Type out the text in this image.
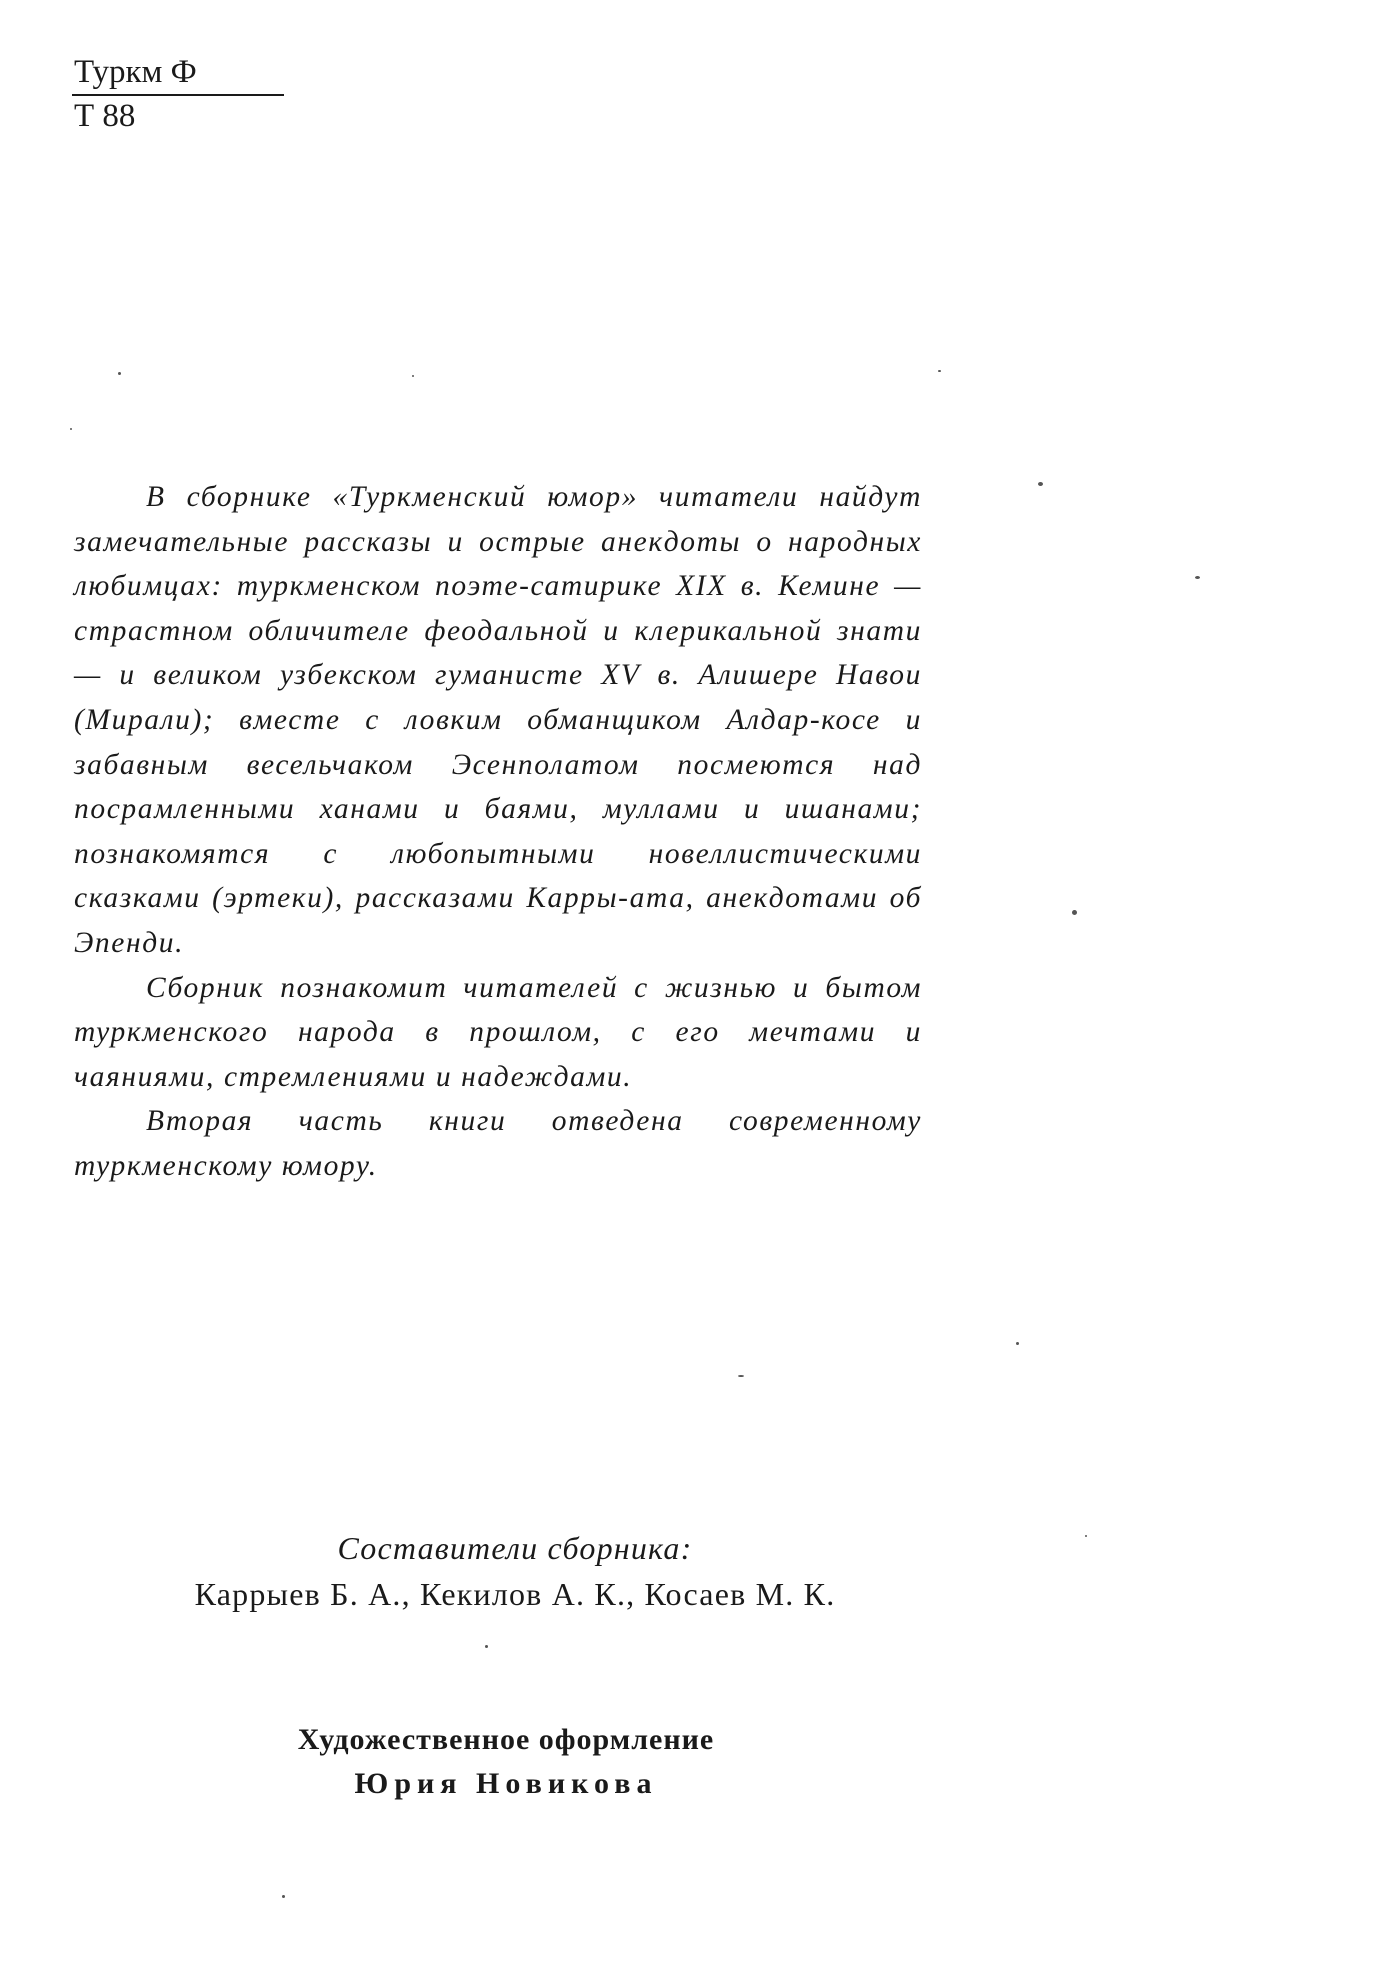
Туркм Ф
Т 88

В сборнике «Туркменский юмор» читатели найдут замечательные рассказы и острые анекдоты о народных любимцах: туркменском поэте-сатирике XIX в. Кемине — страстном обличителе феодальной и клерикальной знати — и великом узбекском гуманисте XV в. Алишере Навои (Мирали); вместе с ловким обманщиком Алдар-косе и забавным весельчаком Эсенполатом посмеются над посрамленными ханами и баями, муллами и ишанами; познакомятся с любопытными новеллистическими сказками (эртеки), рассказами Карры-ата, анекдотами об Эпенди.

Сборник познакомит читателей с жизнью и бытом туркменского народа в прошлом, с его мечтами и чаяниями, стремлениями и надеждами.

Вторая часть книги отведена современному туркменскому юмору.

Составители сборника:
Каррыев Б. А., Кекилов А. К., Косаев М. К.
Художественное оформление
Юрия Новикова
